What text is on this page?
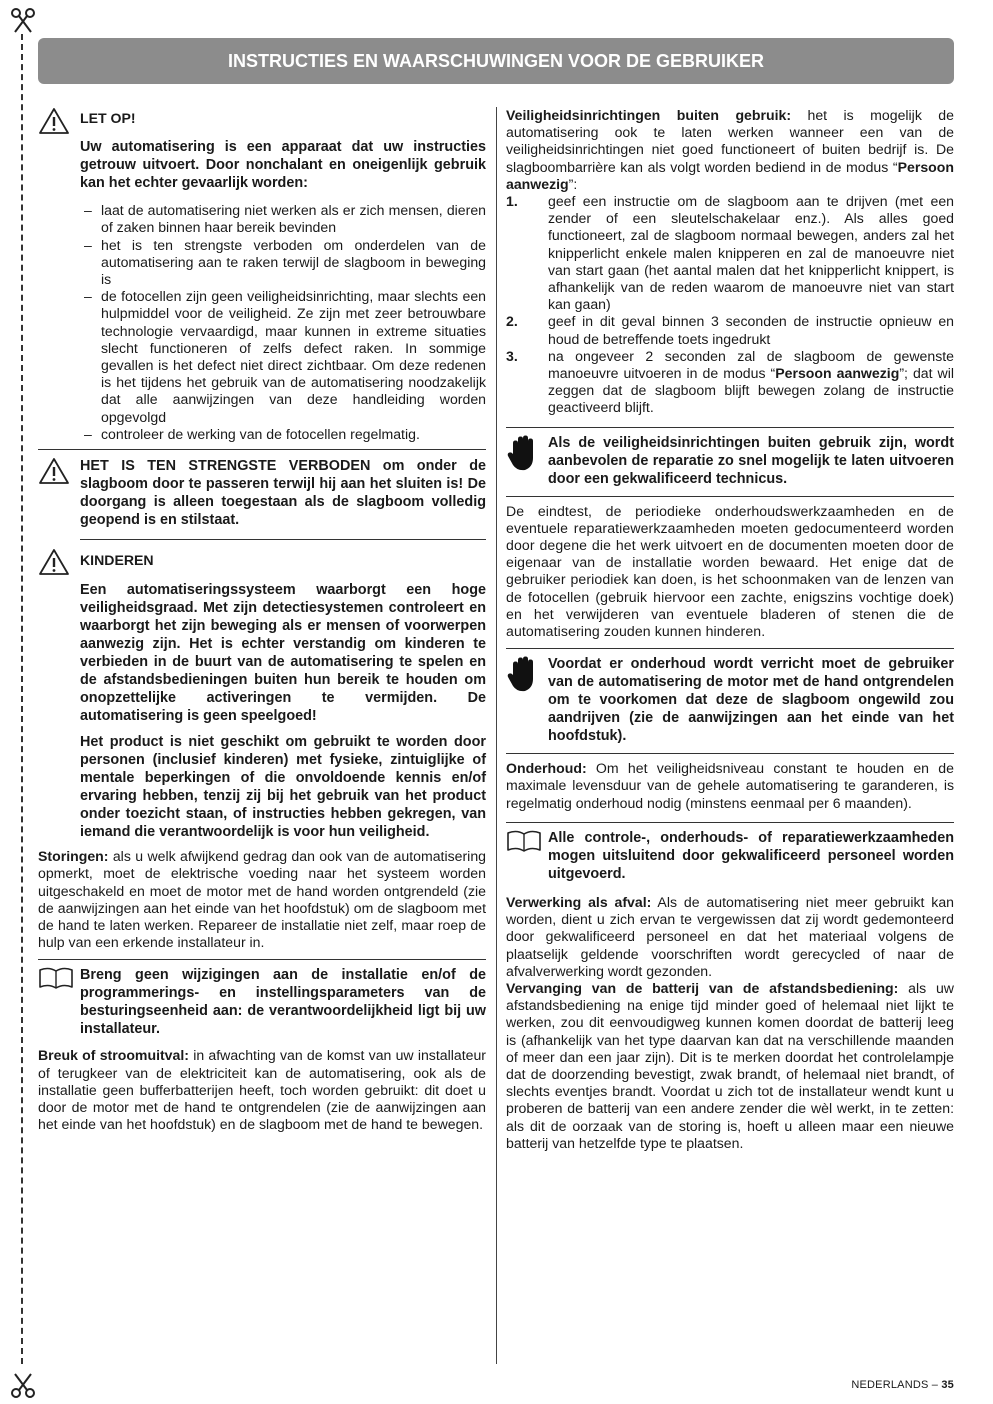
INSTRUCTIES EN WAARSCHUWINGEN VOOR DE GEBRUIKER
LET OP!

Uw automatisering is een apparaat dat uw instructies getrouw uitvoert. Door nonchalant en oneigenlijk gebruik kan het echter gevaarlijk worden:

– laat de automatisering niet werken als er zich mensen, dieren of zaken binnen haar bereik bevinden
– het is ten strengste verboden om onderdelen van de automatisering aan te raken terwijl de slagboom in beweging is
– de fotocellen zijn geen veiligheidsinrichting, maar slechts een hulpmiddel voor de veiligheid. Ze zijn met zeer betrouwbare technologie vervaardigd, maar kunnen in extreme situaties slecht functioneren of zelfs defect raken. In sommige gevallen is het defect niet direct zichtbaar. Om deze redenen is het tijdens het gebruik van de automatisering noodzakelijk dat alle aanwijzingen van deze handleiding worden opgevolgd
– controleer de werking van de fotocellen regelmatig.

HET IS TEN STRENGSTE VERBODEN om onder de slagboom door te passeren terwijl hij aan het sluiten is! De doorgang is alleen toegestaan als de slagboom volledig geopend is en stilstaat.

KINDEREN

Een automatiseringssysteem waarborgt een hoge veiligheidsgraad. Met zijn detectiesystemen controleert en waarborgt het zijn beweging als er mensen of voorwerpen aanwezig zijn. Het is echter verstandig om kinderen te verbieden in de buurt van de automatisering te spelen en de afstandsbedieningen buiten hun bereik te houden om onopzettelijke activeringen te vermijden. De automatisering is geen speelgoed!

Het product is niet geschikt om gebruikt te worden door personen (inclusief kinderen) met fysieke, zintuiglijke of mentale beperkingen of die onvoldoende kennis en/of ervaring hebben, tenzij zij bij het gebruik van het product onder toezicht staan, of instructies hebben gekregen, van iemand die verantwoordelijk is voor hun veiligheid.

Storingen: als u welk afwijkend gedrag dan ook van de automatisering opmerkt, moet de elektrische voeding naar het systeem worden uitgeschakeld en moet de motor met de hand worden ontgrendeld (zie de aanwijzingen aan het einde van het hoofdstuk) om de slagboom met de hand te laten werken. Repareer de installatie niet zelf, maar roep de hulp van een erkende installateur in.

Breng geen wijzigingen aan de installatie en/of de programmerings- en instellingsparameters van de besturingseenheid aan: de verantwoordelijkheid ligt bij uw installateur.

Breuk of stroomuitval: in afwachting van de komst van uw installateur of terugkeer van de elektriciteit kan de automatisering, ook als de installatie geen bufferbatterijen heeft, toch worden gebruikt: dit doet u door de motor met de hand te ontgrendelen (zie de aanwijzingen aan het einde van het hoofdstuk) en de slagboom met de hand te bewegen.

Veiligheidsinrichtingen buiten gebruik: het is mogelijk de automatisering ook te laten werken wanneer een van de veiligheidsinrichtingen niet goed functioneert of buiten bedrijf is. De slagboombarrière kan als volgt worden bediend in de modus “Persoon aanwezig”:

1.	geef een instructie om de slagboom aan te drijven (met een zender of een sleutelschakelaar enz.). Als alles goed functioneert, zal de slagboom normaal bewegen, anders zal het knipperlicht enkele malen knipperen en zal de manoeuvre niet van start gaan (het aantal malen dat het knipperlicht knippert, is afhankelijk van de reden waarom de manoeuvre niet van start kan gaan)
2.	geef in dit geval binnen 3 seconden de instructie opnieuw en houd de betreffende toets ingedrukt
3.	na ongeveer 2 seconden zal de slagboom de gewenste manoeuvre uitvoeren in de modus “Persoon aanwezig”; dat wil zeggen dat de slagboom blijft bewegen zolang de instructie geactiveerd blijft.

Als de veiligheidsinrichtingen buiten gebruik zijn, wordt aanbevolen de reparatie zo snel mogelijk te laten uitvoeren door een gekwalificeerd technicus.

De eindtest, de periodieke onderhoudswerkzaamheden en de eventuele reparatiewerkzaamheden moeten gedocumenteerd worden door degene die het werk uitvoert en de documenten moeten door de eigenaar van de installatie worden bewaard. Het enige dat de gebruiker periodiek kan doen, is het schoonmaken van de lenzen van de fotocellen (gebruik hiervoor een zachte, enigszins vochtige doek) en het verwijderen van eventuele bladeren of stenen die de automatisering zouden kunnen hinderen.

Voordat er onderhoud wordt verricht moet de gebruiker van de automatisering de motor met de hand ontgrendelen om te voorkomen dat deze de slagboom ongewild zou aandrijven (zie de aanwijzingen aan het einde van het hoofdstuk).

Onderhoud: Om het veiligheidsniveau constant te houden en de maximale levensduur van de gehele automatisering te garanderen, is regelmatig onderhoud nodig (minstens eenmaal per 6 maanden).

Alle controle-, onderhouds- of reparatiewerkzaamheden mogen uitsluitend door gekwalificeerd personeel worden uitgevoerd.

Verwerking als afval: Als de automatisering niet meer gebruikt kan worden, dient u zich ervan te vergewissen dat zij wordt gedemonteerd door gekwalificeerd personeel en dat het materiaal volgens de plaatselijk geldende voorschriften wordt gerecycled of naar de afvalverwerking wordt gezonden.

Vervanging van de batterij van de afstandsbediening: als uw afstandsbediening na enige tijd minder goed of helemaal niet lijkt te werken, zou dit eenvoudigweg kunnen komen doordat de batterij leeg is (afhankelijk van het type daarvan kan dat na verschillende maanden of meer dan een jaar zijn). Dit is te merken doordat het controlelampje dat de doorzending bevestigt, zwak brandt, of helemaal niet brandt, of slechts eventjes brandt. Voordat u zich tot de installateur wendt kunt u proberen de batterij van een andere zender die wèl werkt, in te zetten: als dit de oorzaak van de storing is, hoeft u alleen maar een nieuwe batterij van hetzelfde type te plaatsen.

NEDERLANDS – 35
